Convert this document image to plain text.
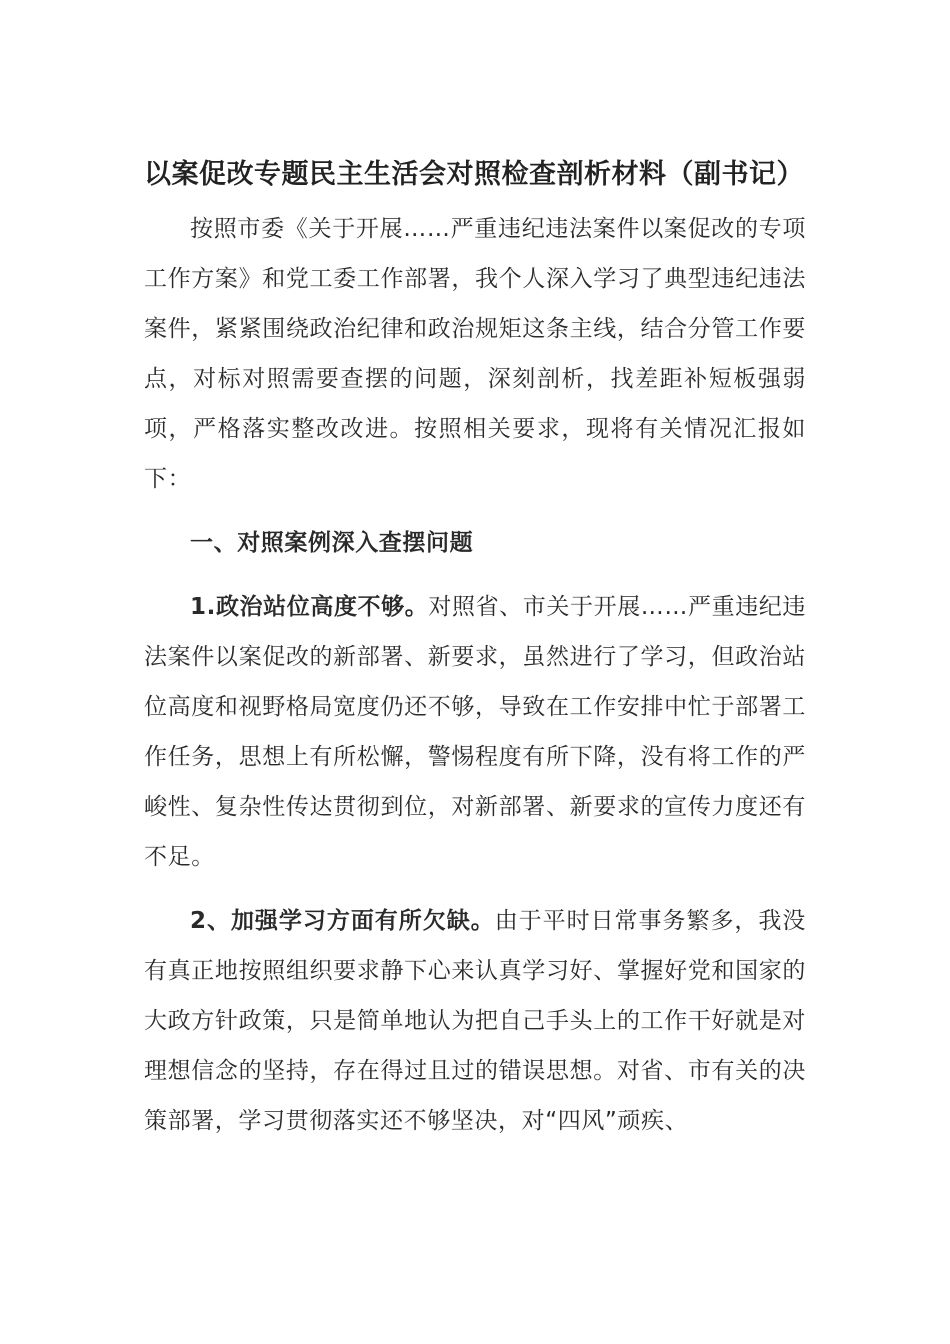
以案促改专题民主生活会对照检查剖析材料（副书记）

按照市委《关于开展……严重违纪违法案件以案促改的专项工作方案》和党工委工作部署，我个人深入学习了典型违纪违法案件，紧紧围绕政治纪律和政治规矩这条主线，结合分管工作要点，对标对照需要查摆的问题，深刻剖析，找差距补短板强弱项，严格落实整改改进。按照相关要求，现将有关情况汇报如下：

一、对照案例深入查摆问题

1.政治站位高度不够。对照省、市关于开展……严重违纪违法案件以案促改的新部署、新要求，虽然进行了学习，但政治站位高度和视野格局宽度仍还不够，导致在工作安排中忙于部署工作任务，思想上有所松懈，警惕程度有所下降，没有将工作的严峻性、复杂性传达贯彻到位，对新部署、新要求的宣传力度还有不足。

2、加强学习方面有所欠缺。由于平时日常事务繁多，我没有真正地按照组织要求静下心来认真学习好、掌握好党和国家的大政方针政策，只是简单地认为把自己手头上的工作干好就是对理想信念的坚持，存在得过且过的错误思想。对省、市有关的决策部署，学习贯彻落实还不够坚决，对“四风”顽疾、
